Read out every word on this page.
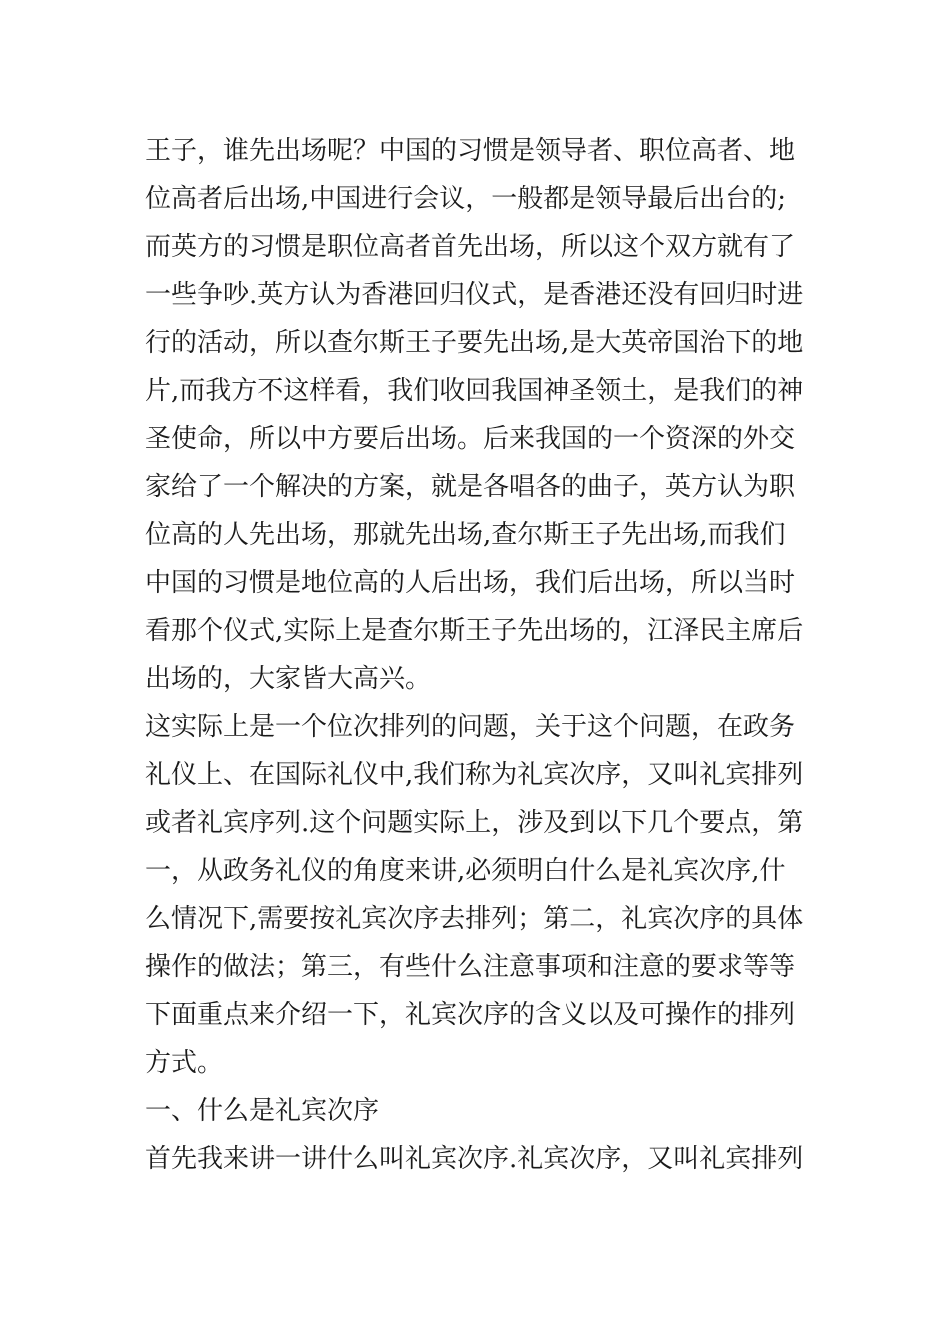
王子，谁先出场呢？中国的习惯是领导者、职位高者、地
位高者后出场,中国进行会议，一般都是领导最后出台的;
而英方的习惯是职位高者首先出场，所以这个双方就有了
一些争吵.英方认为香港回归仪式，是香港还没有回归时进
行的活动，所以查尔斯王子要先出场,是大英帝国治下的地
片,而我方不这样看，我们收回我国神圣领土，是我们的神
圣使命，所以中方要后出场。后来我国的一个资深的外交
家给了一个解决的方案，就是各唱各的曲子，英方认为职
位高的人先出场，那就先出场,查尔斯王子先出场,而我们
中国的习惯是地位高的人后出场，我们后出场，所以当时
看那个仪式,实际上是查尔斯王子先出场的，江泽民主席后
出场的，大家皆大高兴。
这实际上是一个位次排列的问题，关于这个问题，在政务
礼仪上、在国际礼仪中,我们称为礼宾次序，又叫礼宾排列
或者礼宾序列.这个问题实际上，涉及到以下几个要点，第
一，从政务礼仪的角度来讲,必须明白什么是礼宾次序,什
么情况下,需要按礼宾次序去排列；第二，礼宾次序的具体
操作的做法；第三，有些什么注意事项和注意的要求等等
下面重点来介绍一下，礼宾次序的含义以及可操作的排列
方式。
一、什么是礼宾次序
首先我来讲一讲什么叫礼宾次序.礼宾次序，又叫礼宾排列
